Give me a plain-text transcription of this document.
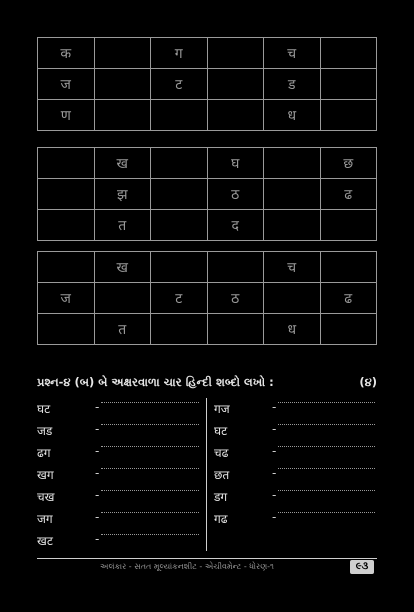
क		ग		च	
ज		ट		ड	
ण				ध	
	ख		घ		छ
	झ		ठ		ढ
	त		द		
	ख			च	
ज		ट	ठ		ढ
	त			ध	
પ્રશ્ન-૪ (બ) બે અક્ષરવાળા ચાર હિન્દી શબ્દો લખો :	(૪)
घट	-
जड	-
ढग	-
खग	-
चख	-
जग	-
खट	-
गज	-
घट	-
चढ	-
छत	-
डग	-
गढ	-
અલંકાર - સતત મૂલ્યાંકનશીટ - એચીવમેન્ટ - ધોરણ-૧	૯૩
